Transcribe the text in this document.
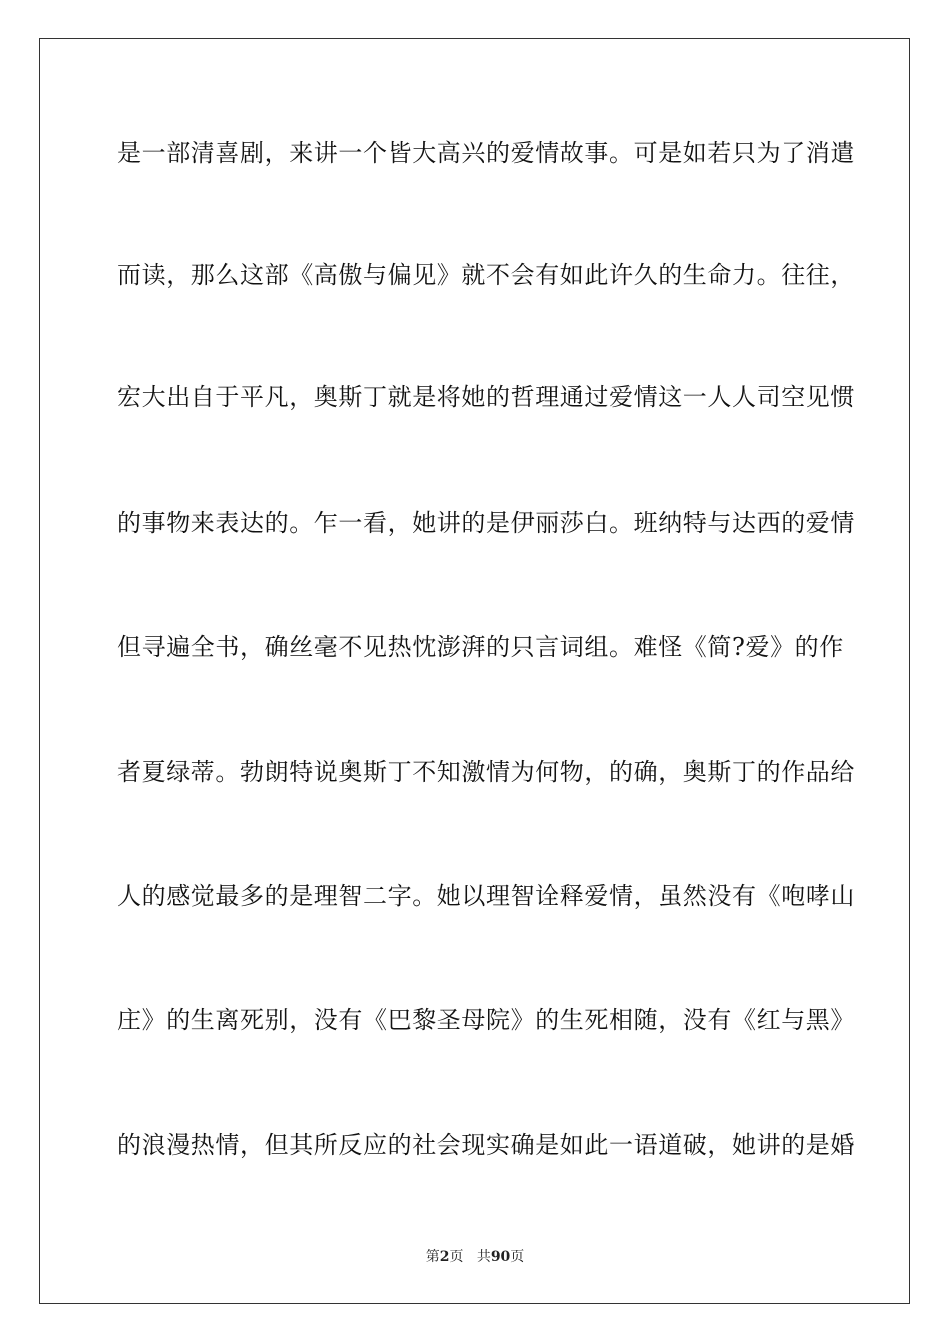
是一部清喜剧，来讲一个皆大高兴的爱情故事。可是如若只为了消遣
而读，那么这部《高傲与偏见》就不会有如此许久的生命力。往往，
宏大出自于平凡，奥斯丁就是将她的哲理通过爱情这一人人司空见惯
的事物来表达的。乍一看，她讲的是伊丽莎白。班纳特与达西的爱情
但寻遍全书，确丝毫不见热忱澎湃的只言词组。难怪《简?爱》的作
者夏绿蒂。勃朗特说奥斯丁不知激情为何物，的确，奥斯丁的作品给
人的感觉最多的是理智二字。她以理智诠释爱情，虽然没有《咆哮山
庄》的生离死别，没有《巴黎圣母院》的生死相随，没有《红与黑》
的浪漫热情，但其所反应的社会现实确是如此一语道破，她讲的是婚
第2页 共90页
